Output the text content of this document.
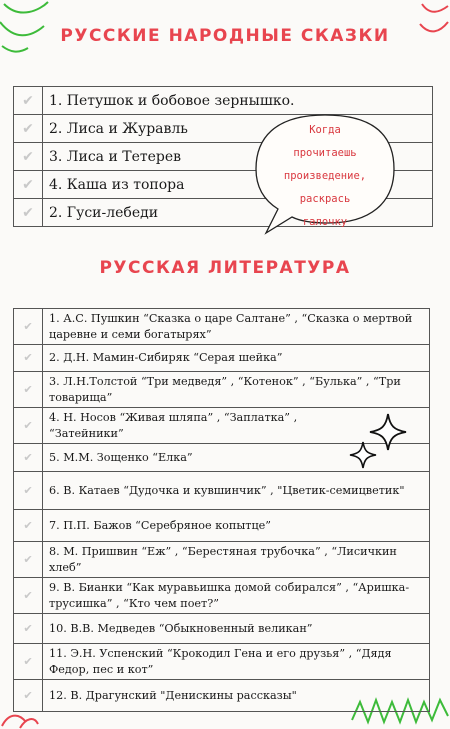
РУССКИЕ НАРОДНЫЕ СКАЗКИ
✔	1. Петушок и бобовое зернышко.
✔	2. Лиса и Журавль
✔	3. Лиса и Тетерев
✔	4. Каша из топора
✔	2. Гуси-лебеди
Когда
прочитаешь
произведение,
раскрась
галочку
РУССКАЯ ЛИТЕРАТУРА
✔	1. А.С. Пушкин “Сказка о царе Салтане” , “Сказка о мертвой царевне и семи богатырях”
✔	2. Д.Н. Мамин-Сибиряк “Серая шейка”
✔	3. Л.Н.Толстой “Три медведя” , “Котенок” , “Булька” , “Три товарища”
✔	4. Н. Носов “Живая шляпа” , “Заплатка” , “Затейники”
✔	5. М.М. Зощенко “Елка”
✔	6. В. Катаев “Дудочка и кувшинчик” , "Цветик-семицветик"
✔	7. П.П. Бажов “Серебряное копытце”
✔	8. М. Пришвин “Еж” , “Берестяная трубочка” , “Лисичкин хлеб”
✔	9. В. Бианки “Как муравьишка домой собирался” , “Аришка-трусишка” , “Кто чем поет?”
✔	10. В.В. Медведев “Обыкновенный великан”
✔	11. Э.Н. Успенский “Крокодил Гена и его друзья” , “Дядя Федор, пес и кот”
✔	12. В. Драгунский "Денискины рассказы"
